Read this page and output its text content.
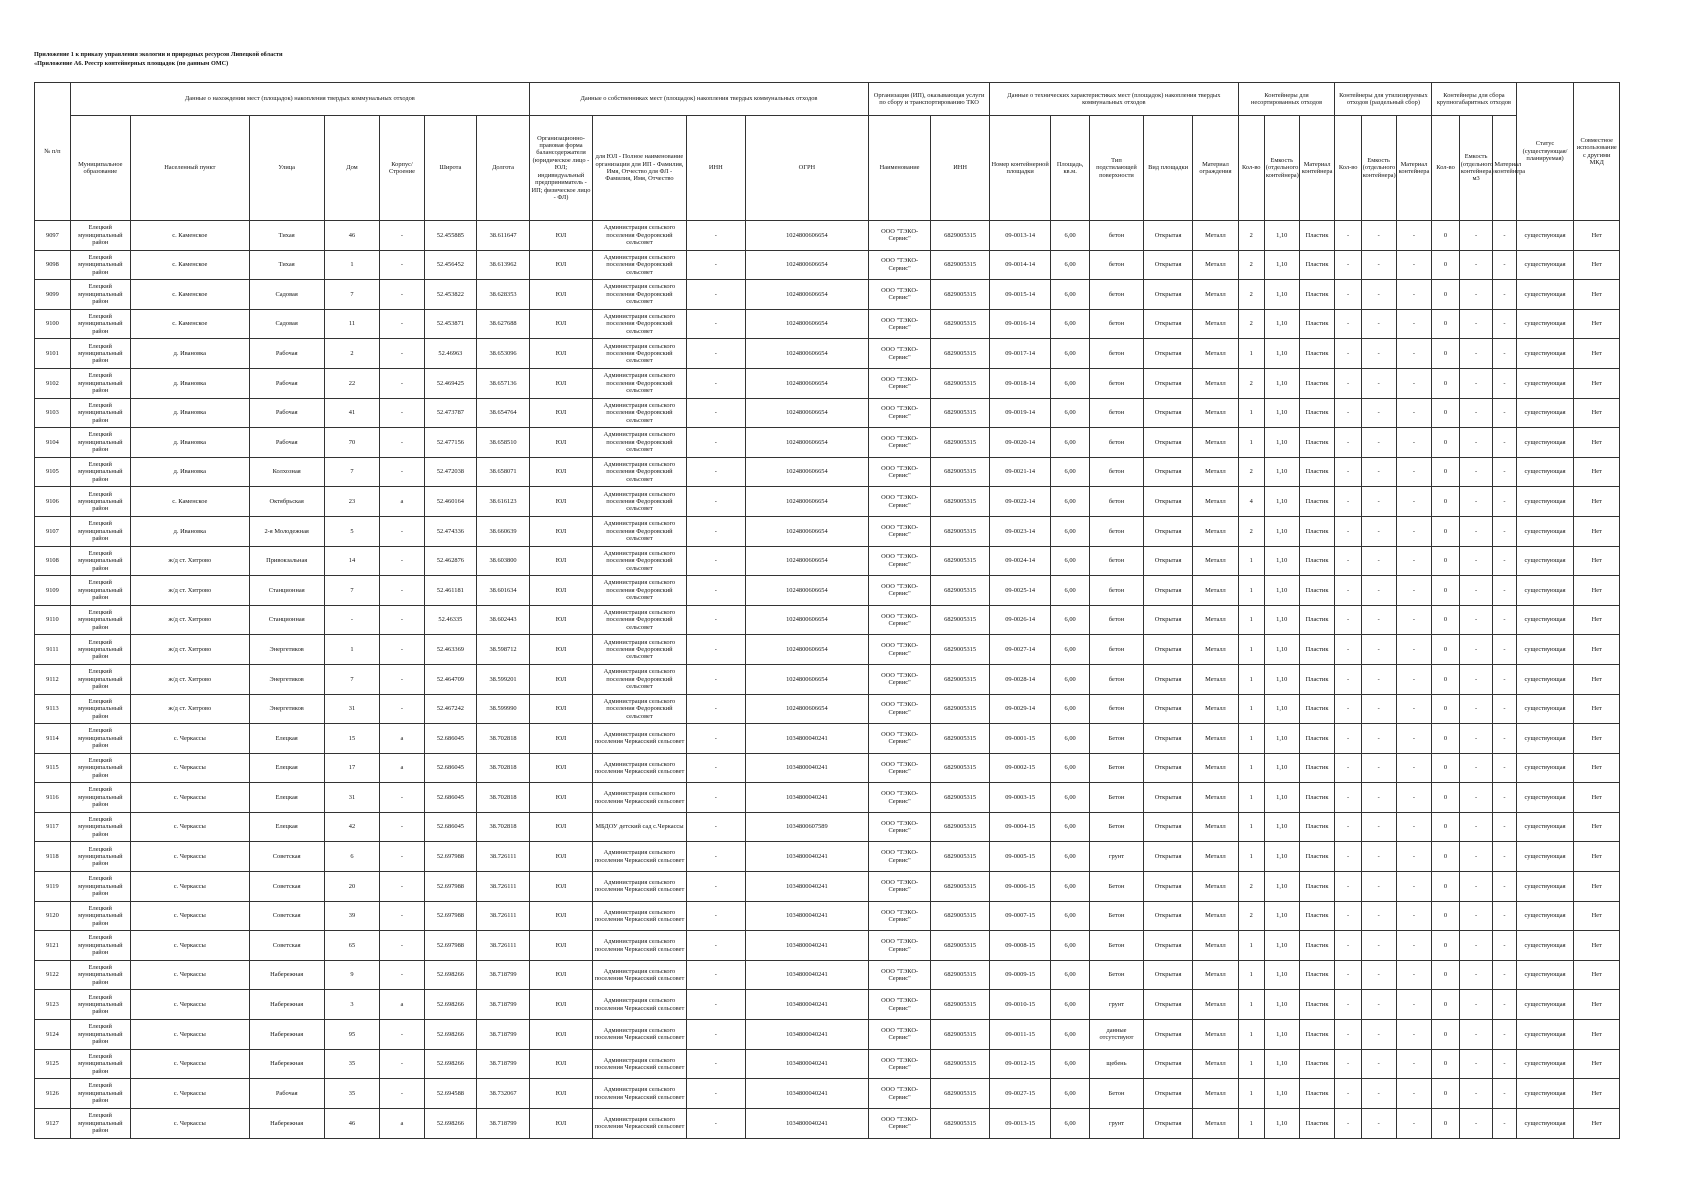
Приложение 1 к приказу управления экологии и природных ресурсов Липецкой области
«Приложение А6. Реестр контейнерных площадок (по данным ОМС)
№ п/п	Данные о нахождении мест (площадок) накопления твердых коммунальных отходов							Данные о собственниках мест (площадок) накопления твердых коммунальных отходов				Организация (ИП), оказывающая услуги по сбору и транспортированию ТКО		Данные о технических характеристиках мест (площадок) накопления твердых коммунальных отходов					Контейнеры для несортированных отходов			Контейнеры для утилизируемых отходов (раздельный сбор)			Контейнеры для сбора крупногабаритных отходов			Статус (существующая/ планируемая)	Совместное использование с другими МКД
	Муниципальное образование	Населенный пункт	Улица	Дом	Корпус/Строение	Широта	Долгота	Организационно-правовая форма балансодержателя (юридическое лицо - ЮЛ; индивидуальный предприниматель - ИП; физическое лицо - ФЛ)	для ЮЛ - Полное наименование организации для ИП - Фамилия, Имя, Отчество для ФЛ - Фамилия, Имя, Отчество	ИНН	ОГРН	Наименование	ИНН	Номер контейнерной площадки	Площадь, кв.м.	Тип подстилающей поверхности	Вид площадки	Материал ограждения	Кол-во	Емкость (отдельного контейнера)	Материал контейнера	Кол-во	Емкость (отдельного контейнера)	Материал контейнера	Кол-во	Емкость (отдельного контейнера) м3	Материал контейнера		
9097	Елецкий муниципальный район	с. Каменское	Тихая	46	-	52.455885	38.611647	ЮЛ	Администрация сельского поселения Федоровский сельсовет	-	1024800606654	ООО "ТЭКО-Сервис"	6829005315	09-0013-14	6,00	бетон	Открытая	Металл	2	1,10	Пластик	-	-	-	0	-	-	существующая	Нет
9098	Елецкий муниципальный район	с. Каменское	Тихая	1	-	52.456452	38.613962	ЮЛ	Администрация сельского поселения Федоровский сельсовет	-	1024800606654	ООО "ТЭКО-Сервис"	6829005315	09-0014-14	6,00	бетон	Открытая	Металл	2	1,10	Пластик	-	-	-	0	-	-	существующая	Нет
9099	Елецкий муниципальный район	с. Каменское	Садовая	7	-	52.453822	38.628353	ЮЛ	Администрация сельского поселения Федоровский сельсовет	-	1024800606654	ООО "ТЭКО-Сервис"	6829005315	09-0015-14	6,00	бетон	Открытая	Металл	2	1,10	Пластик	-	-	-	0	-	-	существующая	Нет
9100	Елецкий муниципальный район	с. Каменское	Садовая	11	-	52.453871	38.627688	ЮЛ	Администрация сельского поселения Федоровский сельсовет	-	1024800606654	ООО "ТЭКО-Сервис"	6829005315	09-0016-14	6,00	бетон	Открытая	Металл	2	1,10	Пластик	-	-	-	0	-	-	существующая	Нет
9101	Елецкий муниципальный район	д. Ивановка	Рабочая	2	-	52.46963	38.653096	ЮЛ	Администрация сельского поселения Федоровский сельсовет	-	1024800606654	ООО "ТЭКО-Сервис"	6829005315	09-0017-14	6,00	бетон	Открытая	Металл	1	1,10	Пластик	-	-	-	0	-	-	существующая	Нет
9102	Елецкий муниципальный район	д. Ивановка	Рабочая	22	-	52.469425	38.657136	ЮЛ	Администрация сельского поселения Федоровский сельсовет	-	1024800606654	ООО "ТЭКО-Сервис"	6829005315	09-0018-14	6,00	бетон	Открытая	Металл	2	1,10	Пластик	-	-	-	0	-	-	существующая	Нет
9103	Елецкий муниципальный район	д. Ивановка	Рабочая	41	-	52.473787	38.654764	ЮЛ	Администрация сельского поселения Федоровский сельсовет	-	1024800606654	ООО "ТЭКО-Сервис"	6829005315	09-0019-14	6,00	бетон	Открытая	Металл	1	1,10	Пластик	-	-	-	0	-	-	существующая	Нет
9104	Елецкий муниципальный район	д. Ивановка	Рабочая	70	-	52.477156	38.658510	ЮЛ	Администрация сельского поселения Федоровский сельсовет	-	1024800606654	ООО "ТЭКО-Сервис"	6829005315	09-0020-14	6,00	бетон	Открытая	Металл	1	1,10	Пластик	-	-	-	0	-	-	существующая	Нет
9105	Елецкий муниципальный район	д. Ивановка	Колхозная	7	-	52.472038	38.658071	ЮЛ	Администрация сельского поселения Федоровский сельсовет	-	1024800606654	ООО "ТЭКО-Сервис"	6829005315	09-0021-14	6,00	бетон	Открытая	Металл	2	1,10	Пластик	-	-	-	0	-	-	существующая	Нет
9106	Елецкий муниципальный район	с. Каменское	Октябрьская	23	а	52.460164	38.616123	ЮЛ	Администрация сельского поселения Федоровский сельсовет	-	1024800606654	ООО "ТЭКО-Сервис"	6829005315	09-0022-14	6,00	бетон	Открытая	Металл	4	1,10	Пластик	-	-	-	0	-	-	существующая	Нет
9107	Елецкий муниципальный район	д. Ивановка	2-я Молодежная	5	-	52.474336	38.660639	ЮЛ	Администрация сельского поселения Федоровский сельсовет	-	1024800606654	ООО "ТЭКО-Сервис"	6829005315	09-0023-14	6,00	бетон	Открытая	Металл	2	1,10	Пластик	-	-	-	0	-	-	существующая	Нет
9108	Елецкий муниципальный район	ж/д ст. Хитрово	Привокзальная	14	-	52.462876	38.603800	ЮЛ	Администрация сельского поселения Федоровский сельсовет	-	1024800606654	ООО "ТЭКО-Сервис"	6829005315	09-0024-14	6,00	бетон	Открытая	Металл	1	1,10	Пластик	-	-	-	0	-	-	существующая	Нет
9109	Елецкий муниципальный район	ж/д ст. Хитрово	Станционная	7	-	52.461181	38.601634	ЮЛ	Администрация сельского поселения Федоровский сельсовет	-	1024800606654	ООО "ТЭКО-Сервис"	6829005315	09-0025-14	6,00	бетон	Открытая	Металл	1	1,10	Пластик	-	-	-	0	-	-	существующая	Нет
9110	Елецкий муниципальный район	ж/д ст. Хитрово	Станционная	-	-	52.46335	38.602443	ЮЛ	Администрация сельского поселения Федоровский сельсовет	-	1024800606654	ООО "ТЭКО-Сервис"	6829005315	09-0026-14	6,00	бетон	Открытая	Металл	1	1,10	Пластик	-	-	-	0	-	-	существующая	Нет
9111	Елецкий муниципальный район	ж/д ст. Хитрово	Энергетиков	1	-	52.463369	38.598712	ЮЛ	Администрация сельского поселения Федоровский сельсовет	-	1024800606654	ООО "ТЭКО-Сервис"	6829005315	09-0027-14	6,00	бетон	Открытая	Металл	1	1,10	Пластик	-	-	-	0	-	-	существующая	Нет
9112	Елецкий муниципальный район	ж/д ст. Хитрово	Энергетиков	7	-	52.464709	38.599201	ЮЛ	Администрация сельского поселения Федоровский сельсовет	-	1024800606654	ООО "ТЭКО-Сервис"	6829005315	09-0028-14	6,00	бетон	Открытая	Металл	1	1,10	Пластик	-	-	-	0	-	-	существующая	Нет
9113	Елецкий муниципальный район	ж/д ст. Хитрово	Энергетиков	31	-	52.467242	38.599990	ЮЛ	Администрация сельского поселения Федоровский сельсовет	-	1024800606654	ООО "ТЭКО-Сервис"	6829005315	09-0029-14	6,00	бетон	Открытая	Металл	1	1,10	Пластик	-	-	-	0	-	-	существующая	Нет
9114	Елецкий муниципальный район	с. Черкассы	Елецкая	15	а	52.686045	38.702818	ЮЛ	Администрация сельского поселения Черкасский сельсовет	-	1034800040241	ООО "ТЭКО-Сервис"	6829005315	09-0001-15	6,00	Бетон	Открытая	Металл	1	1,10	Пластик	-	-	-	0	-	-	существующая	Нет
9115	Елецкий муниципальный район	с. Черкассы	Елецкая	17	а	52.686045	38.702818	ЮЛ	Администрация сельского поселения Черкасский сельсовет	-	1034800040241	ООО "ТЭКО-Сервис"	6829005315	09-0002-15	6,00	Бетон	Открытая	Металл	1	1,10	Пластик	-	-	-	0	-	-	существующая	Нет
9116	Елецкий муниципальный район	с. Черкассы	Елецкая	31	-	52.686045	38.702818	ЮЛ	Администрация сельского поселения Черкасский сельсовет	-	1034800040241	ООО "ТЭКО-Сервис"	6829005315	09-0003-15	6,00	Бетон	Открытая	Металл	1	1,10	Пластик	-	-	-	0	-	-	существующая	Нет
9117	Елецкий муниципальный район	с. Черкассы	Елецкая	42	-	52.686045	38.702818	ЮЛ	МБДОУ детский сад с.Черкассы	-	1034800607589	ООО "ТЭКО-Сервис"	6829005315	09-0004-15	6,00	Бетон	Открытая	Металл	1	1,10	Пластик	-	-	-	0	-	-	существующая	Нет
9118	Елецкий муниципальный район	с. Черкассы	Советская	6	-	52.697988	38.726111	ЮЛ	Администрация сельского поселения Черкасский сельсовет	-	1034800040241	ООО "ТЭКО-Сервис"	6829005315	09-0005-15	6,00	грунт	Открытая	Металл	1	1,10	Пластик	-	-	-	0	-	-	существующая	Нет
9119	Елецкий муниципальный район	с. Черкассы	Советская	20	-	52.697988	38.726111	ЮЛ	Администрация сельского поселения Черкасский сельсовет	-	1034800040241	ООО "ТЭКО-Сервис"	6829005315	09-0006-15	6,00	Бетон	Открытая	Металл	2	1,10	Пластик	-	-	-	0	-	-	существующая	Нет
9120	Елецкий муниципальный район	с. Черкассы	Советская	39	-	52.697988	38.726111	ЮЛ	Администрация сельского поселения Черкасский сельсовет	-	1034800040241	ООО "ТЭКО-Сервис"	6829005315	09-0007-15	6,00	Бетон	Открытая	Металл	2	1,10	Пластик	-	-	-	0	-	-	существующая	Нет
9121	Елецкий муниципальный район	с. Черкассы	Советская	65	-	52.697988	38.726111	ЮЛ	Администрация сельского поселения Черкасский сельсовет	-	1034800040241	ООО "ТЭКО-Сервис"	6829005315	09-0008-15	6,00	Бетон	Открытая	Металл	1	1,10	Пластик	-	-	-	0	-	-	существующая	Нет
9122	Елецкий муниципальный район	с. Черкассы	Набережная	9	-	52.698266	38.718799	ЮЛ	Администрация сельского поселения Черкасский сельсовет	-	1034800040241	ООО "ТЭКО-Сервис"	6829005315	09-0009-15	6,00	Бетон	Открытая	Металл	1	1,10	Пластик	-	-	-	0	-	-	существующая	Нет
9123	Елецкий муниципальный район	с. Черкассы	Набережная	3	а	52.698266	38.718799	ЮЛ	Администрация сельского поселения Черкасский сельсовет	-	1034800040241	ООО "ТЭКО-Сервис"	6829005315	09-0010-15	6,00	грунт	Открытая	Металл	1	1,10	Пластик	-	-	-	0	-	-	существующая	Нет
9124	Елецкий муниципальный район	с. Черкассы	Набережная	95	-	52.698266	38.718799	ЮЛ	Администрация сельского поселения Черкасский сельсовет	-	1034800040241	ООО "ТЭКО-Сервис"	6829005315	09-0011-15	6,00	данные отсутствуют	Открытая	Металл	1	1,10	Пластик	-	-	-	0	-	-	существующая	Нет
9125	Елецкий муниципальный район	с. Черкассы	Набережная	35	-	52.698266	38.718799	ЮЛ	Администрация сельского поселения Черкасский сельсовет	-	1034800040241	ООО "ТЭКО-Сервис"	6829005315	09-0012-15	6,00	щебень	Открытая	Металл	1	1,10	Пластик	-	-	-	0	-	-	существующая	Нет
9126	Елецкий муниципальный район	с. Черкассы	Рабочая	35	-	52.694588	38.732067	ЮЛ	Администрация сельского поселения Черкасский сельсовет	-	1034800040241	ООО "ТЭКО-Сервис"	6829005315	09-0027-15	6,00	Бетон	Открытая	Металл	1	1,10	Пластик	-	-	-	0	-	-	существующая	Нет
9127	Елецкий муниципальный район	с. Черкассы	Набережная	46	а	52.698266	38.718799	ЮЛ	Администрация сельского поселения Черкасский сельсовет	-	1034800040241	ООО "ТЭКО-Сервис"	6829005315	09-0013-15	6,00	грунт	Открытая	Металл	1	1,10	Пластик	-	-	-	0	-	-	существующая	Нет
